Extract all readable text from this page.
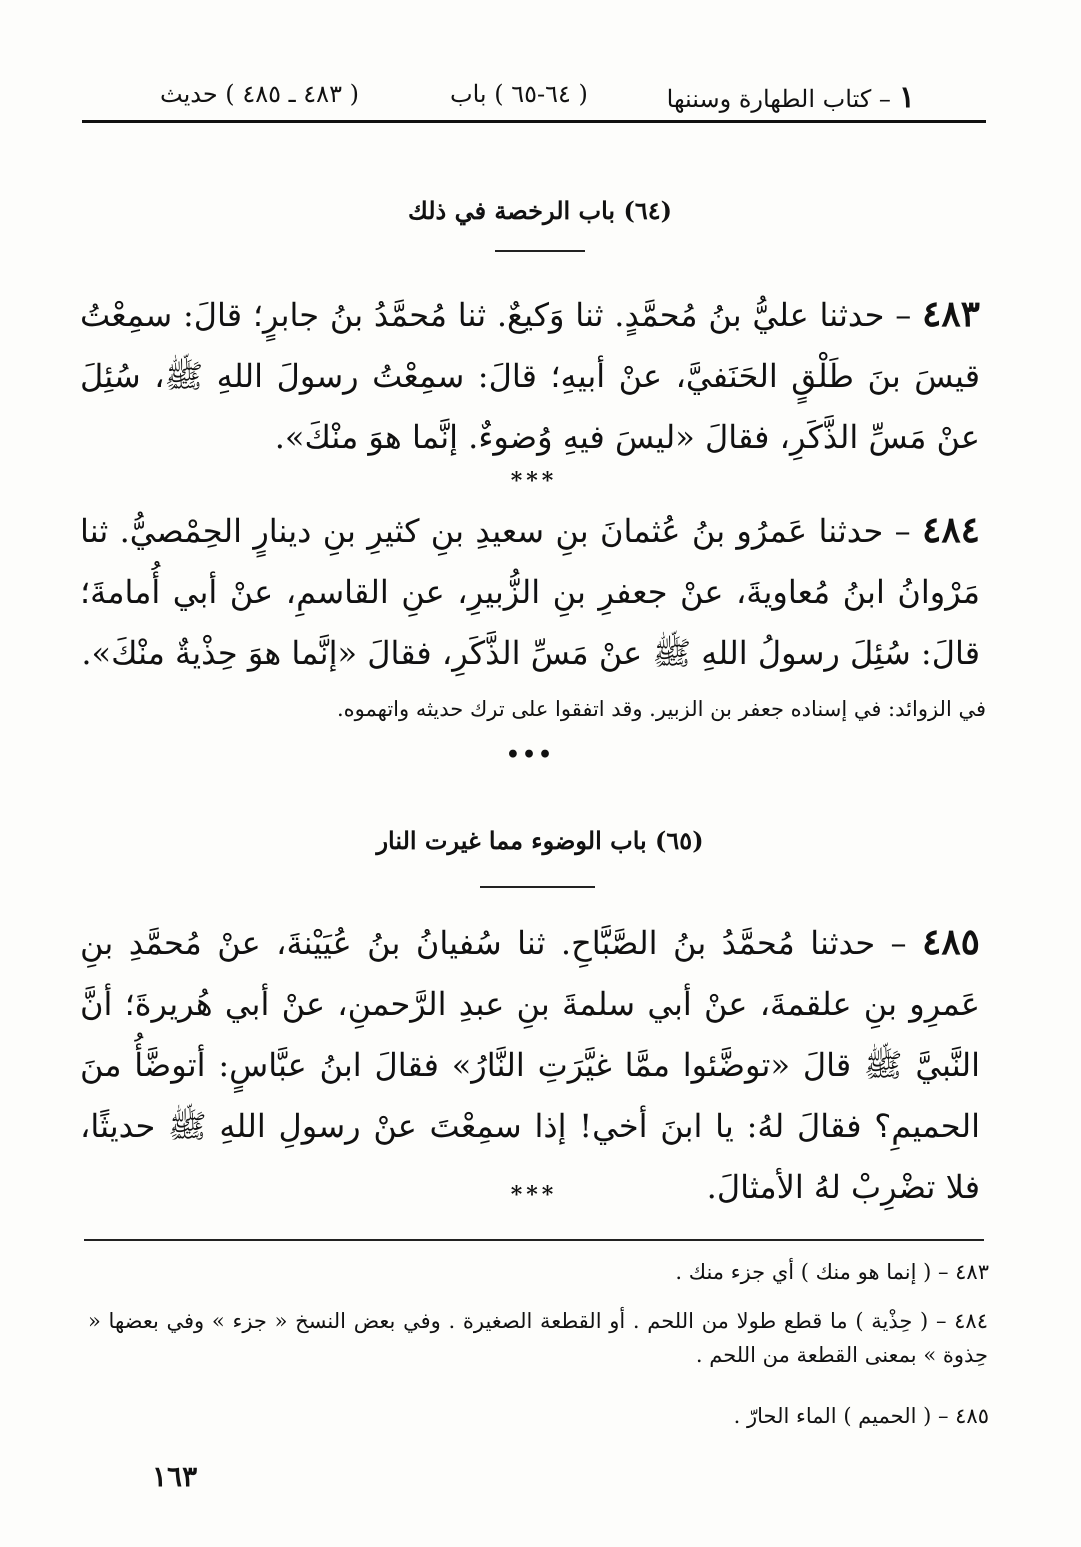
١– كتاب الطهارة وسننها
( ٦٤-٦٥ ) باب
( ٤٨٣ ـ ٤٨٥ ) حديث
(٦٤) باب الرخصة في ذلك
٤٨٣ – حدثنا عليُّ بنُ مُحمَّدٍ. ثنا وَكيعٌ. ثنا مُحمَّدُ بنُ جابرٍ؛ قالَ: سمِعْتُ قيسَ بنَ طَلْقٍ الحَنَفيَّ، عنْ أبيهِ؛ قالَ: سمِعْتُ رسولَ اللهِ ﷺ، سُئِلَ عنْ مَسِّ الذَّكَرِ، فقالَ «ليسَ فيهِ وُضوءٌ. إنَّما هوَ منْكَ».
***
٤٨٤ – حدثنا عَمرُو بنُ عُثمانَ بنِ سعيدِ بنِ كثيرِ بنِ دينارٍ الحِمْصيُّ. ثنا مَرْوانُ ابنُ مُعاويةَ، عنْ جعفرِ بنِ الزُّبيرِ، عنِ القاسمِ، عنْ أبي أُمامةَ؛ قالَ: سُئِلَ رسولُ اللهِ ﷺ عنْ مَسِّ الذَّكَرِ، فقالَ «إنَّما هوَ حِذْيةٌ منْكَ».
في الزوائد: في إسناده جعفر بن الزبير. وقد اتفقوا على ترك حديثه واتهموه.
•••
(٦٥) باب الوضوء مما غيرت النار
٤٨٥ – حدثنا مُحمَّدُ بنُ الصَّبَّاحِ. ثنا سُفيانُ بنُ عُيَيْنةَ، عنْ مُحمَّدِ بنِ عَمرِو بنِ علقمةَ، عنْ أبي سلمةَ بنِ عبدِ الرَّحمنِ، عنْ أبي هُريرةَ؛ أنَّ النَّبيَّ ﷺ قالَ «توضَّئوا ممَّا غيَّرَتِ النَّارُ» فقالَ ابنُ عبَّاسٍ: أتوضَّأُ منَ الحميمِ؟ فقالَ لهُ: يا ابنَ أخي! إذا سمِعْتَ عنْ رسولِ اللهِ ﷺ حديثًا، فلا تضْرِبْ لهُ الأمثالَ.
***
٤٨٣ – ( إنما هو منك ) أي جزء منك .
٤٨٤ – ( حِذْية ) ما قطع طولا من اللحم . أو القطعة الصغيرة . وفي بعض النسخ « جزء » وفي بعضها « حِذوة » بمعنى القطعة من اللحم .
٤٨٥ – ( الحميم ) الماء الحارّ .
١٦٣
